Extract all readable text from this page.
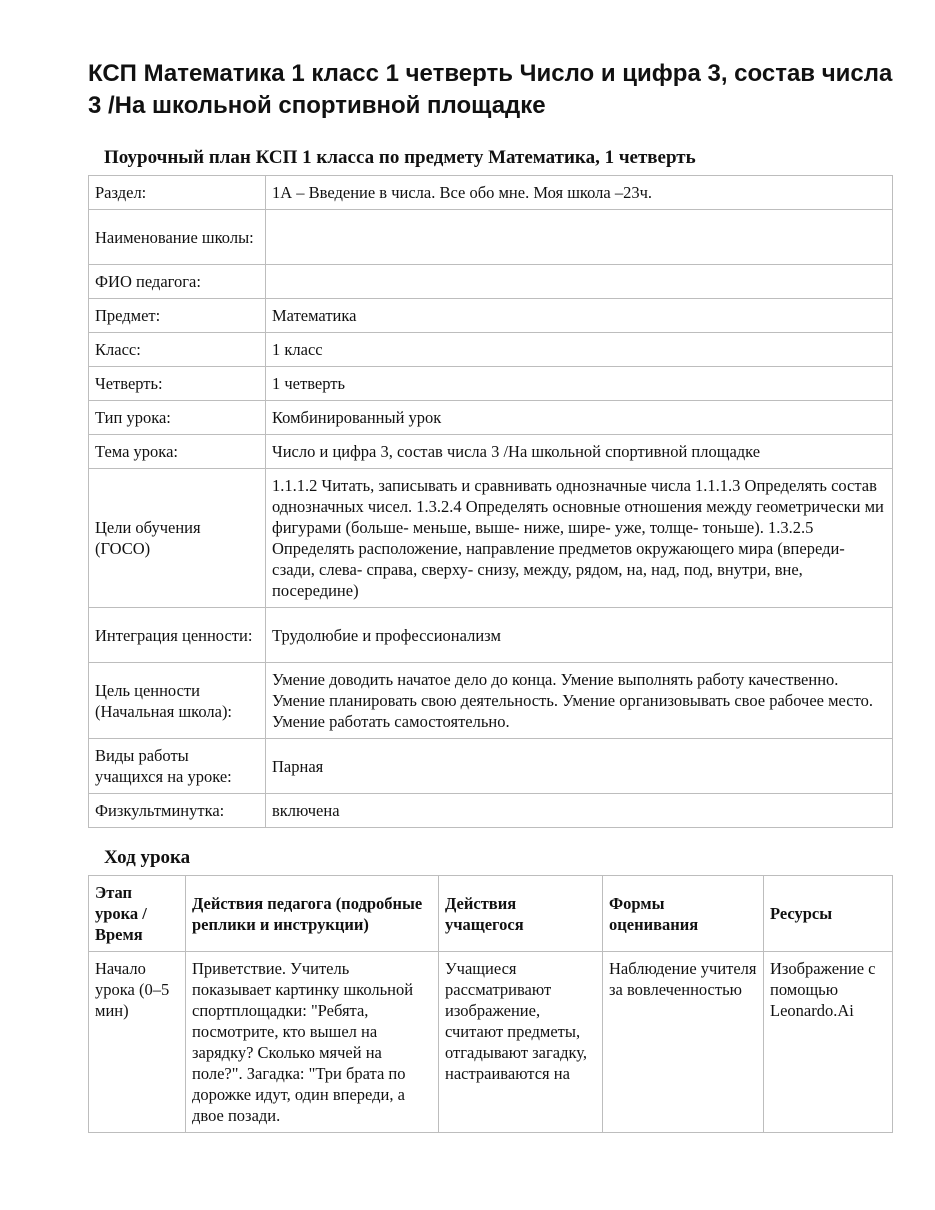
КСП Математика 1 класс 1 четверть Число и цифра 3, состав числа 3 /На школьной спортивной площадке
Поурочный план КСП 1 класса по предмету Математика, 1 четверть
Раздел:	1А – Введение в числа. Все обо мне. Моя школа –23ч.
Наименование школы:	
ФИО педагога:	
Предмет:	Математика
Класс:	1 класс
Четверть:	1 четверть
Тип урока:	Комбинированный урок
Тема урока:	Число и цифра 3, состав числа 3 /На школьной спортивной площадке
Цели обучения (ГОСО)	1.1.1.2 Читать, записывать и сравнивать однозначные числа 1.1.1.3 Определять состав однозначных чисел. 1.3.2.4 Определять основные отношения между геометрически ми фигурами (больше- меньше, выше- ниже, шире- уже, толще- тоньше). 1.3.2.5 Определять расположение, направление предметов окружающего мира (впереди- сзади, слева- справа, сверху- снизу, между, рядом, на, над, под, внутри, вне, посередине)
Интеграция ценности:	Трудолюбие и профессионализм
Цель ценности (Начальная школа):	Умение доводить начатое дело до конца. Умение выполнять работу качественно. Умение планировать свою деятельность. Умение организовывать свое рабочее место. Умение работать самостоятельно.
Виды работы учащихся на уроке:	Парная
Физкультминутка:	включена
Ход урока
Этап урока / Время	Действия педагога (подробные реплики и инструкции)	Действия учащегося	Формы оценивания	Ресурсы
Начало урока (0–5 мин)	Приветствие. Учитель показывает картинку школьной спортплощадки: "Ребята, посмотрите, кто вышел на зарядку? Сколько мячей на поле?". Загадка: "Три брата по дорожке идут, один впереди, а двое позади.	Учащиеся рассматривают изображение, считают предметы, отгадывают загадку, настраиваются на	Наблюдение учителя за вовлеченностью	Изображение с помощью Leonardo.Ai
